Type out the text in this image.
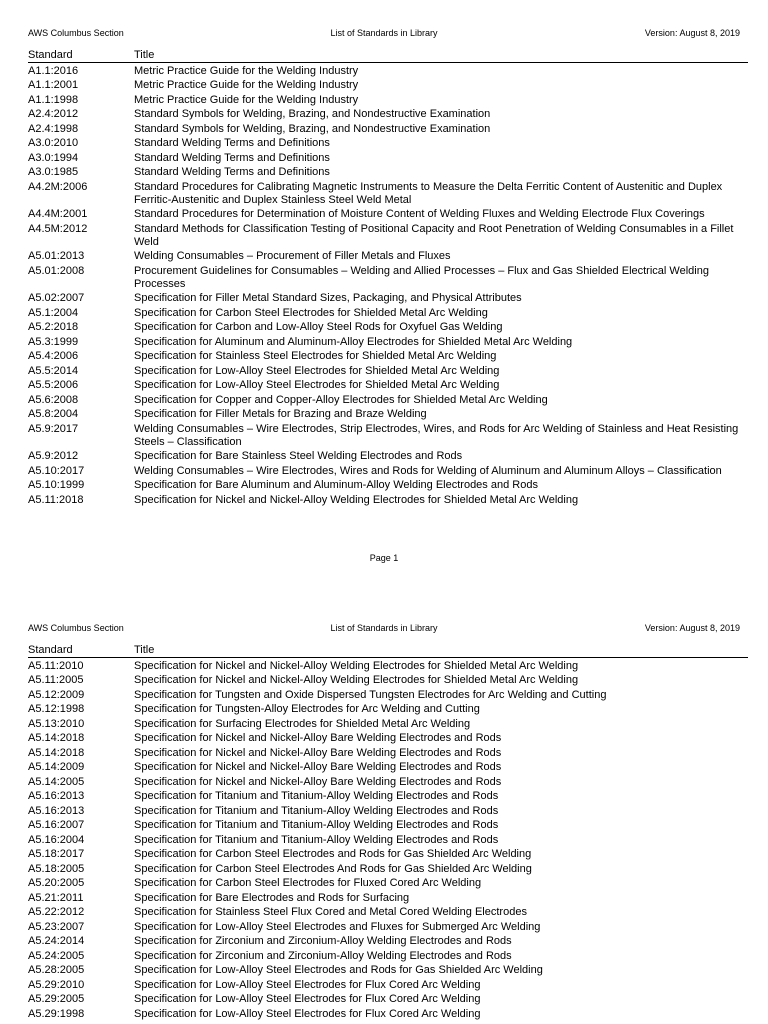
AWS Columbus Section	List of Standards in Library	Version: August 8, 2019
Standard	Title
A1.1:2016	Metric Practice Guide for the Welding Industry
A1.1:2001	Metric Practice Guide for the Welding Industry
A1.1:1998	Metric Practice Guide for the Welding Industry
A2.4:2012	Standard Symbols for Welding, Brazing, and Nondestructive Examination
A2.4:1998	Standard Symbols for Welding, Brazing, and Nondestructive Examination
A3.0:2010	Standard Welding Terms and Definitions
A3.0:1994	Standard Welding Terms and Definitions
A3.0:1985	Standard Welding Terms and Definitions
A4.2M:2006	Standard Procedures for Calibrating Magnetic Instruments to Measure the Delta Ferritic Content of Austenitic and Duplex Ferritic-Austenitic and Duplex Stainless Steel Weld Metal
A4.4M:2001	Standard Procedures for Determination of Moisture Content of Welding Fluxes and Welding Electrode Flux Coverings
A4.5M:2012	Standard Methods for Classification Testing of Positional Capacity and Root Penetration of Welding Consumables in a Fillet Weld
A5.01:2013	Welding Consumables – Procurement of Filler Metals and Fluxes
A5.01:2008	Procurement Guidelines for Consumables – Welding and Allied Processes – Flux and Gas Shielded Electrical Welding Processes
A5.02:2007	Specification for Filler Metal Standard Sizes, Packaging, and Physical Attributes
A5.1:2004	Specification for Carbon Steel Electrodes for Shielded Metal Arc Welding
A5.2:2018	Specification for Carbon and Low-Alloy Steel Rods for Oxyfuel Gas Welding
A5.3:1999	Specification for Aluminum and Aluminum-Alloy Electrodes for Shielded Metal Arc Welding
A5.4:2006	Specification for Stainless Steel Electrodes for Shielded Metal Arc Welding
A5.5:2014	Specification for Low-Alloy Steel Electrodes for Shielded Metal Arc Welding
A5.5:2006	Specification for Low-Alloy Steel Electrodes for Shielded Metal Arc Welding
A5.6:2008	Specification for Copper and Copper-Alloy Electrodes for Shielded Metal Arc Welding
A5.8:2004	Specification for Filler Metals for Brazing and Braze Welding
A5.9:2017	Welding Consumables – Wire Electrodes, Strip Electrodes, Wires, and Rods for Arc Welding of Stainless and Heat Resisting Steels – Classification
A5.9:2012	Specification for Bare Stainless Steel Welding Electrodes and Rods
A5.10:2017	Welding Consumables – Wire Electrodes, Wires and Rods for Welding of Aluminum and Aluminum Alloys – Classification
A5.10:1999	Specification for Bare Aluminum and Aluminum-Alloy Welding Electrodes and Rods
A5.11:2018	Specification for Nickel and Nickel-Alloy Welding Electrodes for Shielded Metal Arc Welding
Page 1
AWS Columbus Section	List of Standards in Library	Version: August 8, 2019
Standard	Title
A5.11:2010	Specification for Nickel and Nickel-Alloy Welding Electrodes for Shielded Metal Arc Welding
A5.11:2005	Specification for Nickel and Nickel-Alloy Welding Electrodes for Shielded Metal Arc Welding
A5.12:2009	Specification for Tungsten and Oxide Dispersed Tungsten Electrodes for Arc Welding and Cutting
A5.12:1998	Specification for Tungsten-Alloy Electrodes for Arc Welding and Cutting
A5.13:2010	Specification for Surfacing Electrodes for Shielded Metal Arc Welding
A5.14:2018	Specification for Nickel and Nickel-Alloy Bare Welding Electrodes and Rods
A5.14:2018	Specification for Nickel and Nickel-Alloy Bare Welding Electrodes and Rods
A5.14:2009	Specification for Nickel and Nickel-Alloy Bare Welding Electrodes and Rods
A5.14:2005	Specification for Nickel and Nickel-Alloy Bare Welding Electrodes and Rods
A5.16:2013	Specification for Titanium and Titanium-Alloy Welding Electrodes and Rods
A5.16:2013	Specification for Titanium and Titanium-Alloy Welding Electrodes and Rods
A5.16:2007	Specification for Titanium and Titanium-Alloy Welding Electrodes and Rods
A5.16:2004	Specification for Titanium and Titanium-Alloy Welding Electrodes and Rods
A5.18:2017	Specification for Carbon Steel Electrodes and Rods for Gas Shielded Arc Welding
A5.18:2005	Specification for Carbon Steel Electrodes And Rods for Gas Shielded Arc Welding
A5.20:2005	Specification for Carbon Steel Electrodes for Fluxed Cored Arc Welding
A5.21:2011	Specification for Bare Electrodes and Rods for Surfacing
A5.22:2012	Specification for Stainless Steel Flux Cored and Metal Cored Welding Electrodes
A5.23:2007	Specification for Low-Alloy Steel Electrodes and Fluxes for Submerged Arc Welding
A5.24:2014	Specification for Zirconium and Zirconium-Alloy Welding Electrodes and Rods
A5.24:2005	Specification for Zirconium and Zirconium-Alloy Welding Electrodes and Rods
A5.28:2005	Specification for Low-Alloy Steel Electrodes and Rods for Gas Shielded Arc Welding
A5.29:2010	Specification for Low-Alloy Steel Electrodes for Flux Cored Arc Welding
A5.29:2005	Specification for Low-Alloy Steel Electrodes for Flux Cored Arc Welding
A5.29:1998	Specification for Low-Alloy Steel Electrodes for Flux Cored Arc Welding
